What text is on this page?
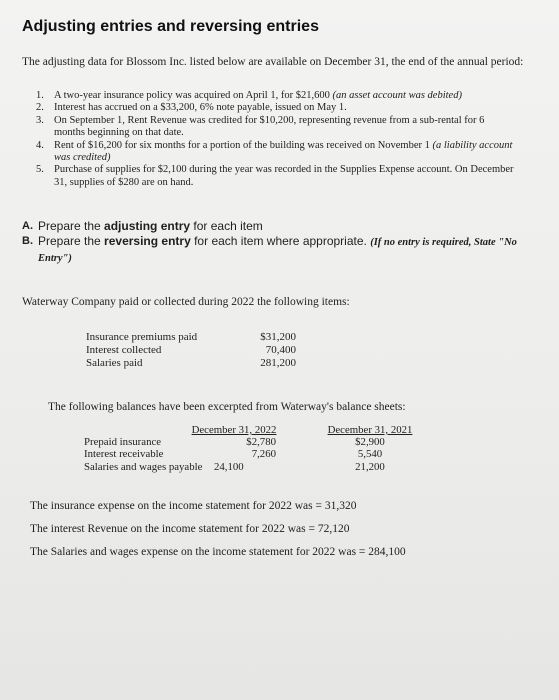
Adjusting entries and reversing entries
The adjusting data for Blossom Inc. listed below are available on December 31, the end of the annual period:
1. A two-year insurance policy was acquired on April 1, for $21,600 (an asset account was debited)
2. Interest has accrued on a $33,200, 6% note payable, issued on May 1.
3. On September 1, Rent Revenue was credited for $10,200, representing revenue from a sub-rental for 6 months beginning on that date.
4. Rent of $16,200 for six months for a portion of the building was received on November 1 (a liability account was credited)
5. Purchase of supplies for $2,100 during the year was recorded in the Supplies Expense account. On December 31, supplies of $280 are on hand.
A. Prepare the adjusting entry for each item
B. Prepare the reversing entry for each item where appropriate. (If no entry is required, State "No Entry")
Waterway Company paid or collected during 2022 the following items:
Insurance premiums paid	$31,200
Interest collected	70,400
Salaries paid	281,200
The following balances have been excerpted from Waterway's balance sheets:
December 31, 2022	December 31, 2021
Prepaid insurance	$2,780	$2,900
Interest receivable	7,260	5,540
Salaries and wages payable 24,100	21,200
The insurance expense on the income statement for 2022 was = 31,320
The interest Revenue on the income statement for 2022 was = 72,120
The Salaries and wages expense on the income statement for 2022 was = 284,100
